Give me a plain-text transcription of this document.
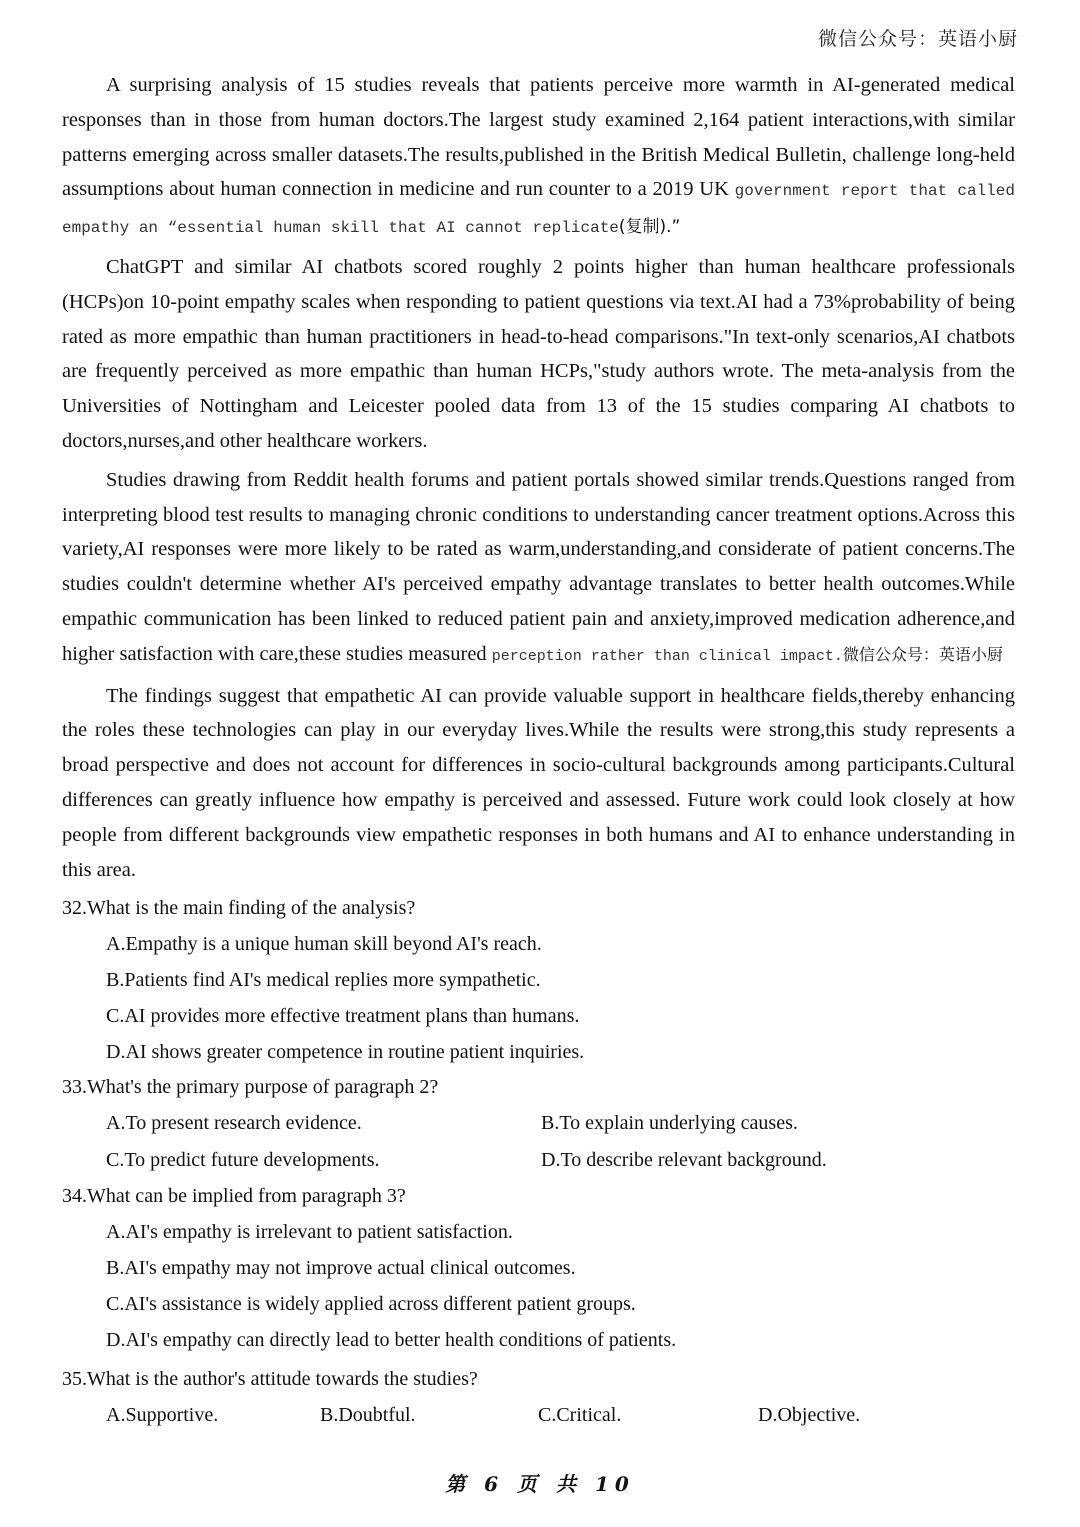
微信公众号：英语小厨

A surprising analysis of 15 studies reveals that patients perceive more warmth in AI-generated medical responses than in those from human doctors.The largest study examined 2,164 patient interactions,with similar patterns emerging across smaller datasets.The results,published in the British Medical Bulletin, challenge long-held assumptions about human connection in medicine and run counter to a 2019 UK government report that called empathy an “essential human skill that AI cannot replicate(复制).”

ChatGPT and similar AI chatbots scored roughly 2 points higher than human healthcare professionals (HCPs)on 10-point empathy scales when responding to patient questions via text.AI had a 73%probability of being rated as more empathic than human practitioners in head-to-head comparisons."In text-only scenarios,AI chatbots are frequently perceived as more empathic than human HCPs,"study authors wrote. The meta-analysis from the Universities of Nottingham and Leicester pooled data from 13 of the 15 studies comparing AI chatbots to doctors,nurses,and other healthcare workers.

Studies drawing from Reddit health forums and patient portals showed similar trends.Questions ranged from interpreting blood test results to managing chronic conditions to understanding cancer treatment options.Across this variety,AI responses were more likely to be rated as warm,understanding,and considerate of patient concerns.The studies couldn't determine whether AI's perceived empathy advantage translates to better health outcomes.While empathic communication has been linked to reduced patient pain and anxiety,improved medication adherence,and higher satisfaction with care,these studies measured perception rather than clinical impact.微信公众号：英语小厨

The findings suggest that empathetic AI can provide valuable support in healthcare fields,thereby enhancing the roles these technologies can play in our everyday lives.While the results were strong,this study represents a broad perspective and does not account for differences in socio-cultural backgrounds among participants.Cultural differences can greatly influence how empathy is perceived and assessed. Future work could look closely at how people from different backgrounds view empathetic responses in both humans and AI to enhance understanding in this area.

32.What is the main finding of the analysis?

A.Empathy is a unique human skill beyond AI's reach.

B.Patients find AI's medical replies more sympathetic.

C.AI provides more effective treatment plans than humans.

D.AI shows greater competence in routine patient inquiries.

33.What's the primary purpose of paragraph 2?

A.To present research evidence.	B.To explain underlying causes.
C.To predict future developments.	D.To describe relevant background.

34.What can be implied from paragraph 3?

A.AI's empathy is irrelevant to patient satisfaction.

B.AI's empathy may not improve actual clinical outcomes.

C.AI's assistance is widely applied across different patient groups.

D.AI's empathy can directly lead to better health conditions of patients.

35.What is the author's attitude towards the studies?

A.Supportive.	B.Doubtful.	C.Critical.	D.Objective.
第 6 页 共 10
